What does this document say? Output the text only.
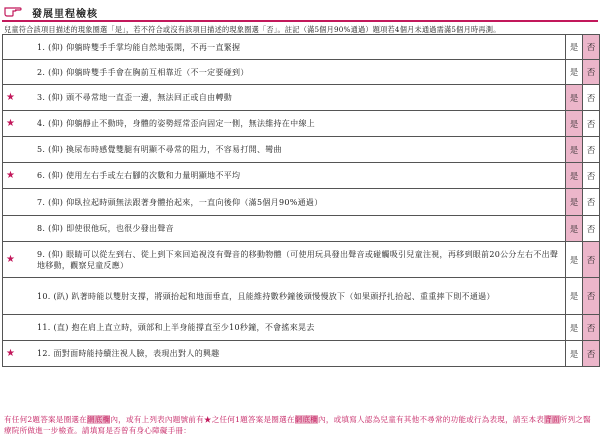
發展里程檢核
兒童符合該項目描述的現象圈選「是」，若不符合或沒有該項目描述的現象圈選「否」。註記（滿5個月90%通過）題項若4個月未通過需滿5個月時再測。
1. (仰) 仰躺時雙手手掌均能自然地張開，不再一直緊握	是	否

2. (仰) 仰躺時雙手手會在胸前互相靠近（不一定要碰到）	是	否

★ 3. (仰) 頭不尋常地一直歪一邊，無法回正或自由轉動	是	否

★ 4. (仰) 仰躺靜止不動時，身體的姿勢經常歪向固定一側，無法維持在中線上	是	否

5. (仰) 換尿布時感覺雙腿有明顯不尋常的阻力，不容易打開、彎曲	是	否

★ 6. (仰) 使用左右手或左右腳的次數和力量明顯地不平均	是	否

7. (仰) 仰臥拉起時頭無法跟著身體抬起來，一直向後仰（滿5個月90%通過）	是	否

8. (仰) 即使很他玩，也很少發出聲音	是	否

★ 9. (仰) 眼睛可以從左到右、從上到下來回追視沒有聲音的移動物體（可使用玩具發出聲音或碰觸吸引兒童注視，再移到眼前20公分左右不出聲地移動，觀察兒童反應）	是	否

10. (趴) 趴著時能以雙肘支撐，將頭抬起和地面垂直，且能維持數秒鐘後頭慢慢放下（如果頭抒扎抬起、重重摔下則不通過）	是	否

11. (直) 抱在肩上直立時，頭部和上半身能撐直至少10秒鐘，不會搖來晃去	是	否

★ 12. 面對面時能持續注視人臉，表現出對人的興趣	是	否
有任何2題答案是圈選在網底欄內，或有上列表內題號前有★之任何1題答案是圈選在網底欄內，或填寫人認為兒童有其他不尋常的功能或行為表現，請至本表背面所列之醫療院所做進一步檢查。請填寫是否曾有身心障礙手冊：
